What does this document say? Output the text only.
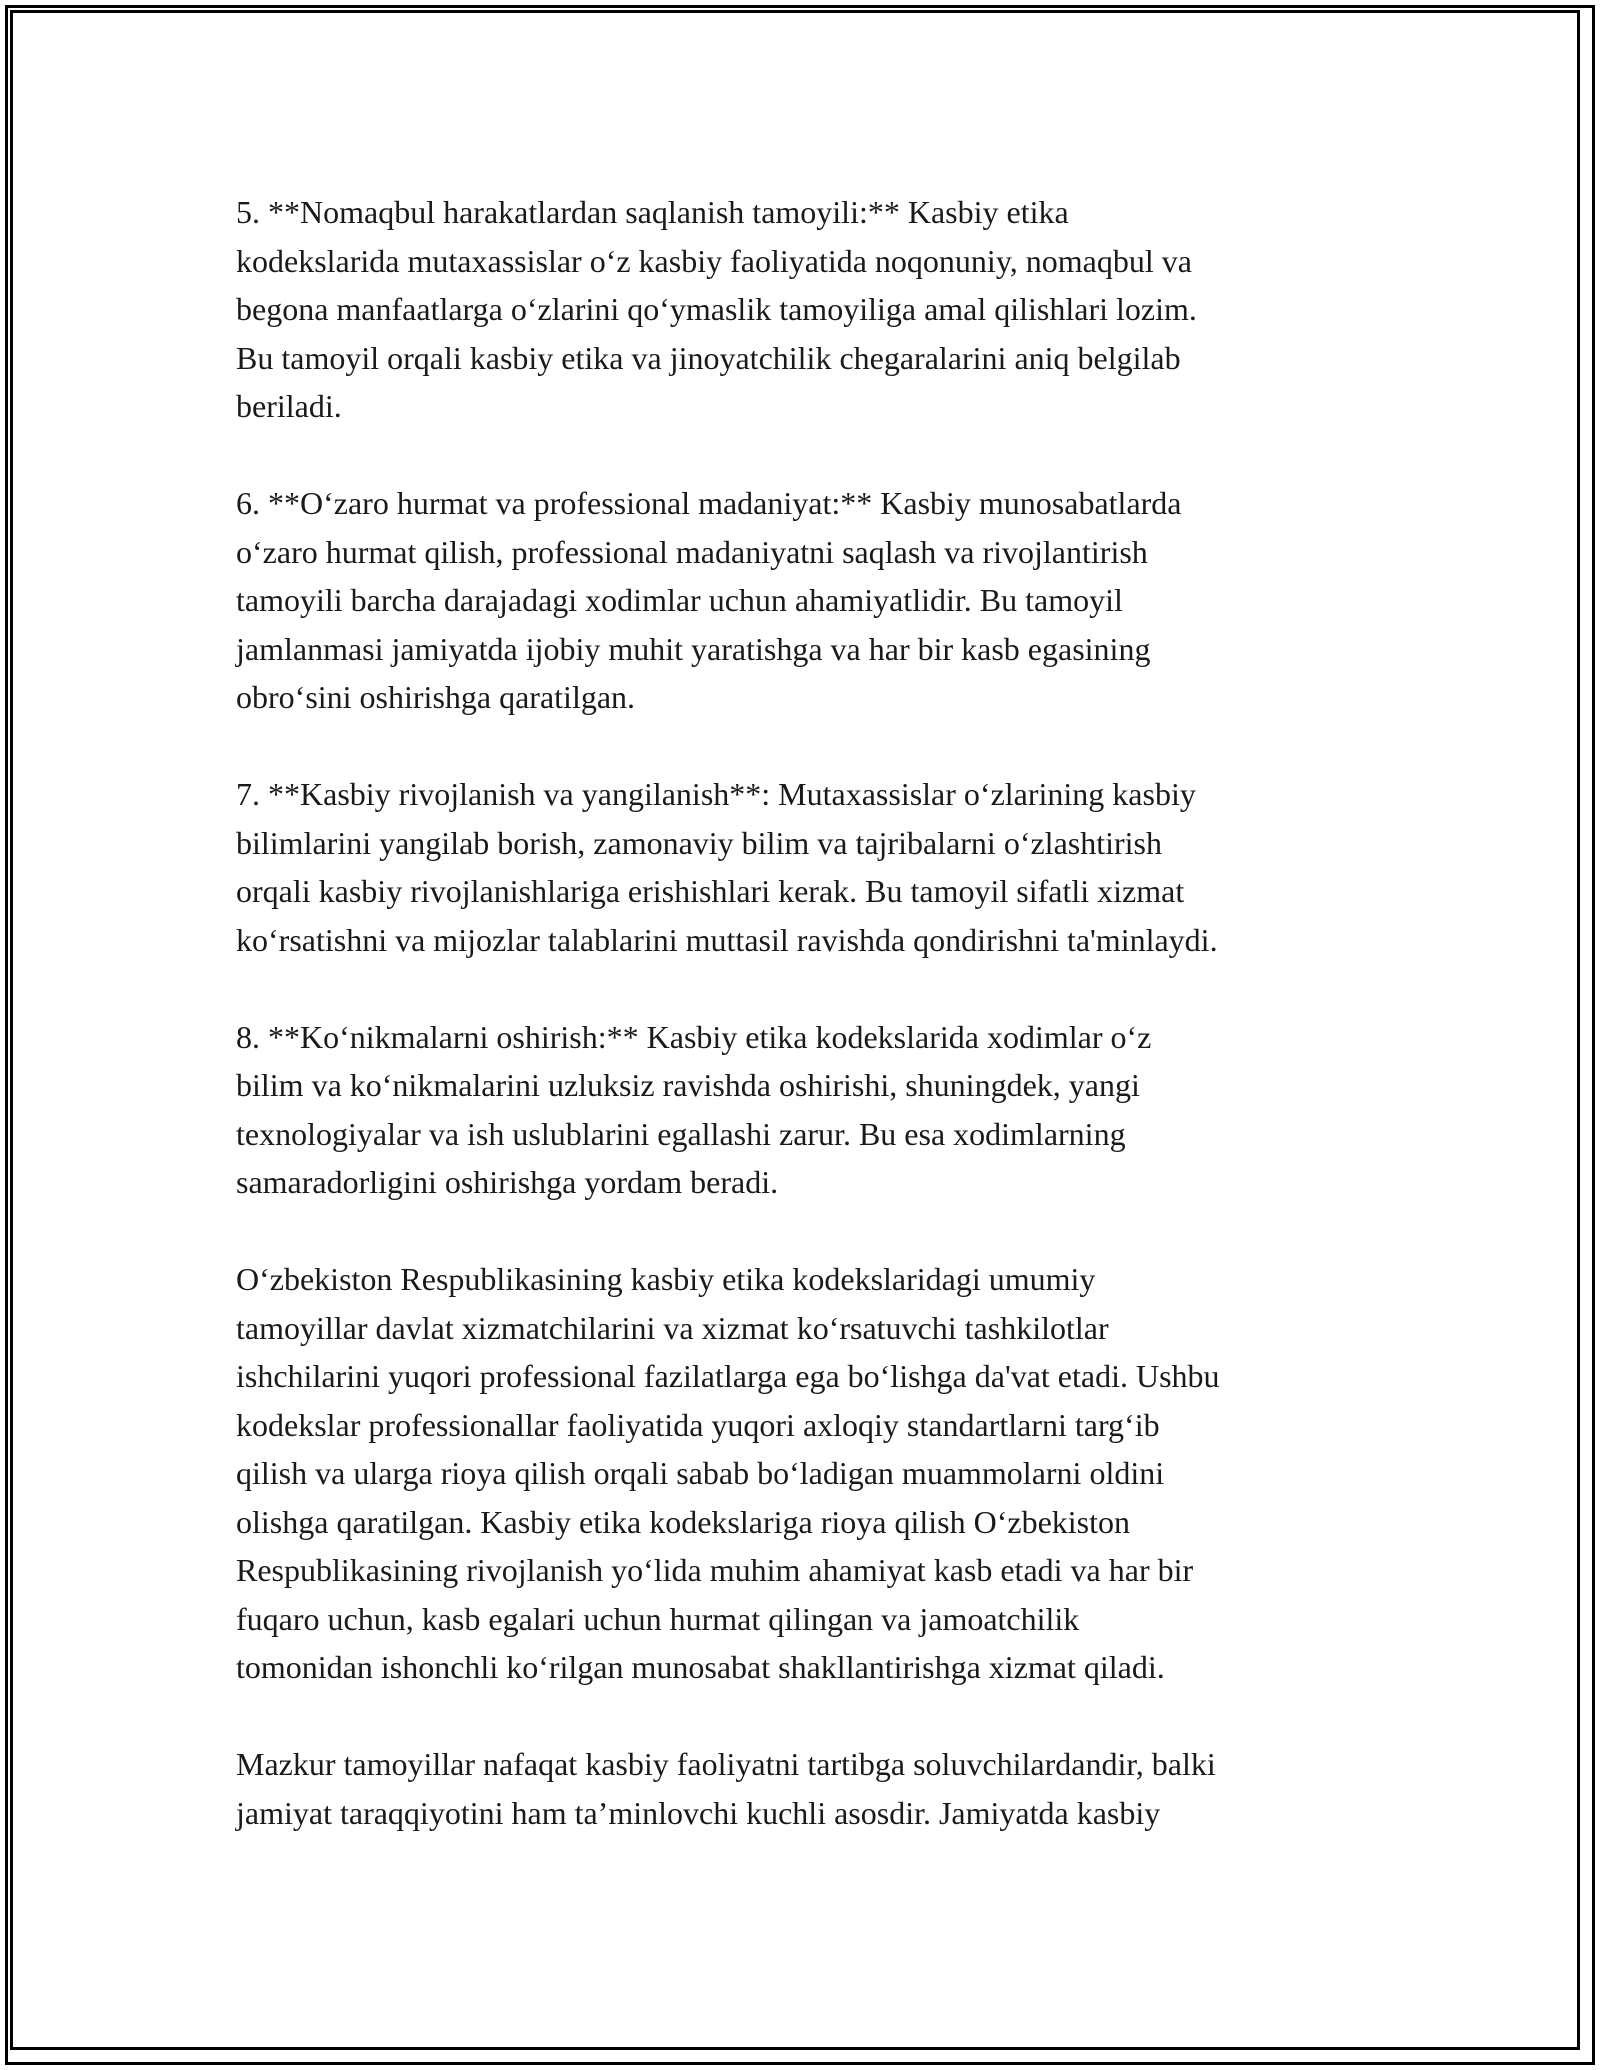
5. **Nomaqbul harakatlardan saqlanish tamoyili:** Kasbiy etika
kodekslarida mutaxassislar o‘z kasbiy faoliyatida noqonuniy, nomaqbul va
begona manfaatlarga o‘zlarini qo‘ymaslik tamoyiliga amal qilishlari lozim.
Bu tamoyil orqali kasbiy etika va jinoyatchilik chegaralarini aniq belgilab
beriladi.

6. **O‘zaro hurmat va professional madaniyat:** Kasbiy munosabatlarda
o‘zaro hurmat qilish, professional madaniyatni saqlash va rivojlantirish
tamoyili barcha darajadagi xodimlar uchun ahamiyatlidir. Bu tamoyil
jamlanmasi jamiyatda ijobiy muhit yaratishga va har bir kasb egasining
obro‘sini oshirishga qaratilgan.

7. **Kasbiy rivojlanish va yangilanish**: Mutaxassislar o‘zlarining kasbiy
bilimlarini yangilab borish, zamonaviy bilim va tajribalarni o‘zlashtirish
orqali kasbiy rivojlanishlariga erishishlari kerak. Bu tamoyil sifatli xizmat
ko‘rsatishni va mijozlar talablarini muttasil ravishda qondirishni ta'minlaydi.

8. **Ko‘nikmalarni oshirish:** Kasbiy etika kodekslarida xodimlar o‘z
bilim va ko‘nikmalarini uzluksiz ravishda oshirishi, shuningdek, yangi
texnologiyalar va ish uslublarini egallashi zarur. Bu esa xodimlarning
samaradorligini oshirishga yordam beradi.

O‘zbekiston Respublikasining kasbiy etika kodekslaridagi umumiy
tamoyillar davlat xizmatchilarini va xizmat ko‘rsatuvchi tashkilotlar
ishchilarini yuqori professional fazilatlarga ega bo‘lishga da'vat etadi. Ushbu
kodekslar professionallar faoliyatida yuqori axloqiy standartlarni targ‘ib
qilish va ularga rioya qilish orqali sabab bo‘ladigan muammolarni oldini
olishga qaratilgan. Kasbiy etika kodekslariga rioya qilish O‘zbekiston
Respublikasining rivojlanish yo‘lida muhim ahamiyat kasb etadi va har bir
fuqaro uchun, kasb egalari uchun hurmat qilingan va jamoatchilik
tomonidan ishonchli ko‘rilgan munosabat shakllantirishga xizmat qiladi.

Mazkur tamoyillar nafaqat kasbiy faoliyatni tartibga soluvchilardandir, balki
jamiyat taraqqiyotini ham ta’minlovchi kuchli asosdir. Jamiyatda kasbiy
